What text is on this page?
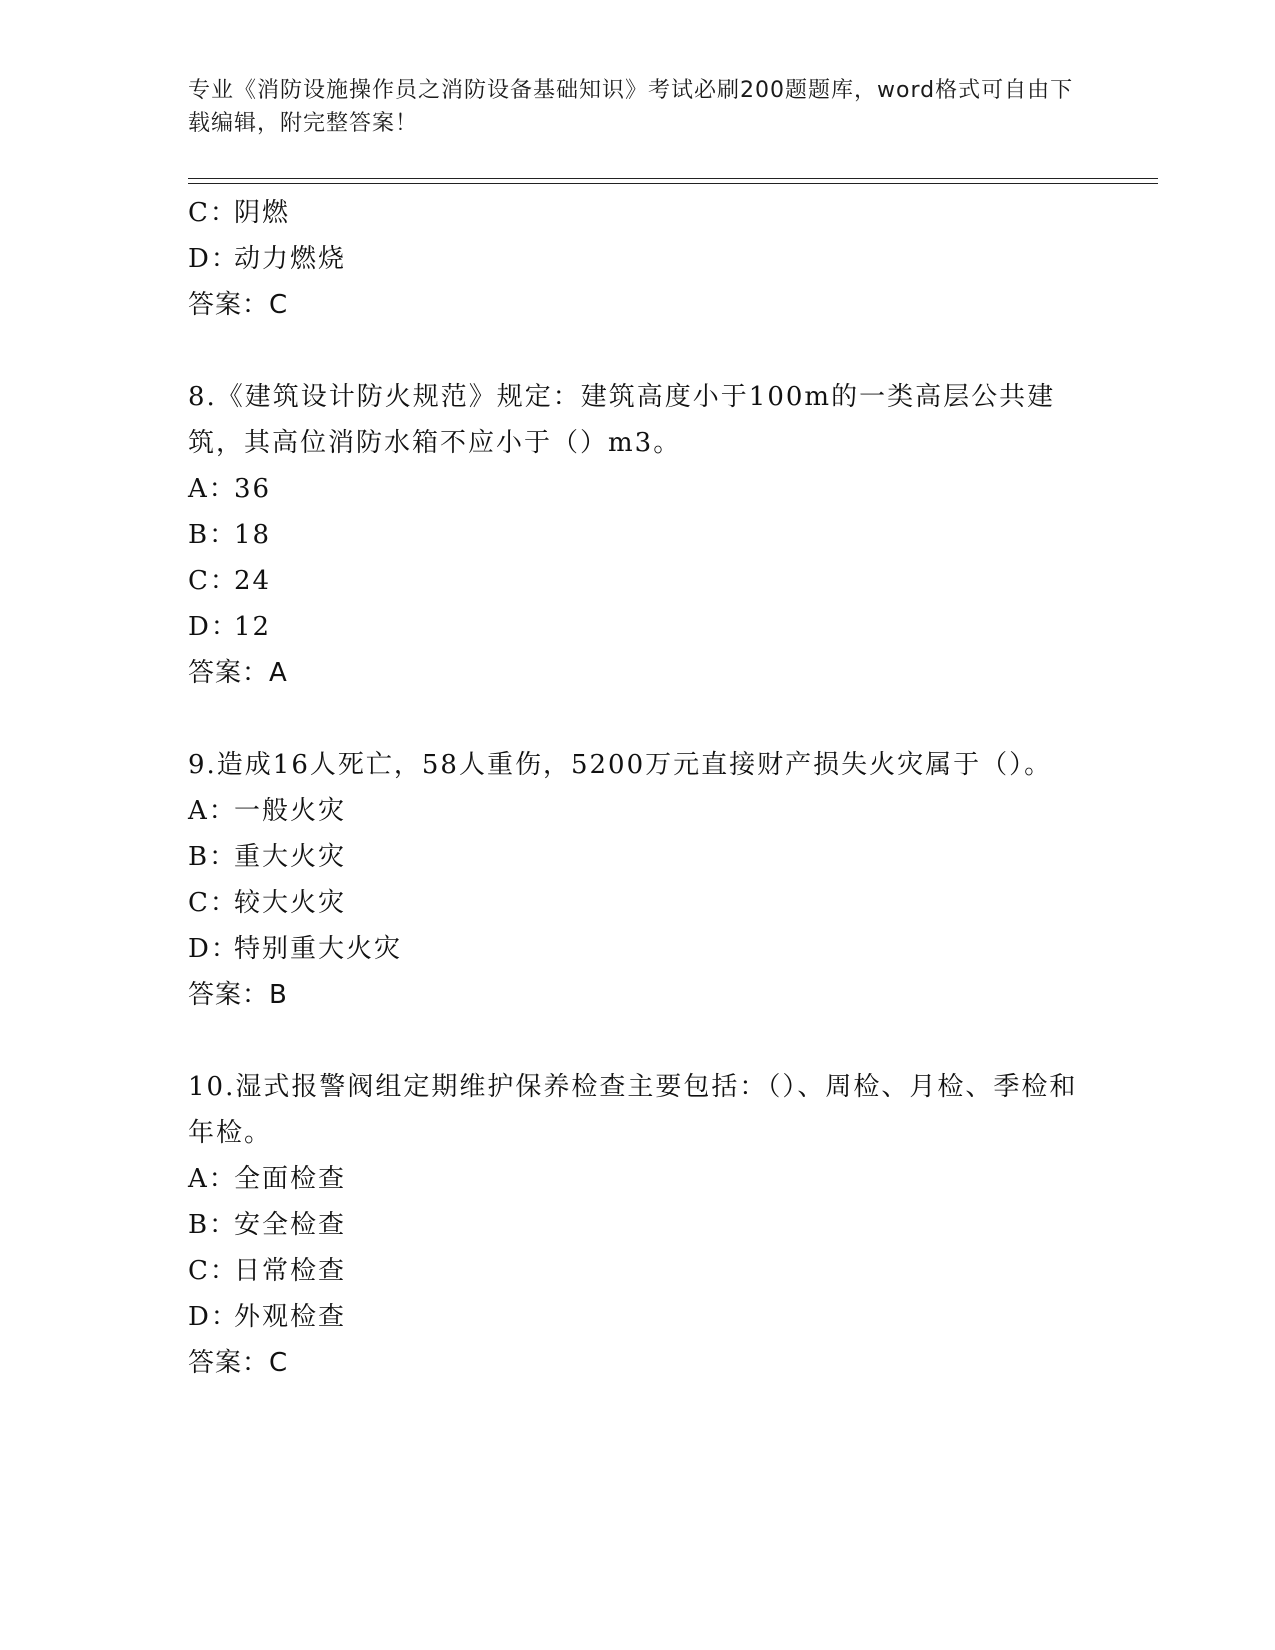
专业《消防设施操作员之消防设备基础知识》考试必刷200题题库，word格式可自由下载编辑，附完整答案！
C：阴燃
D：动力燃烧
答案：C
8.《建筑设计防火规范》规定：建筑高度小于100m的一类高层公共建筑，其高位消防水箱不应小于（）m3。
A：36
B：18
C：24
D：12
答案：A
9.造成16人死亡，58人重伤，5200万元直接财产损失火灾属于（）。
A：一般火灾
B：重大火灾
C：较大火灾
D：特别重大火灾
答案：B
10.湿式报警阀组定期维护保养检查主要包括：（）、周检、月检、季检和年检。
A：全面检查
B：安全检查
C：日常检查
D：外观检查
答案：C
